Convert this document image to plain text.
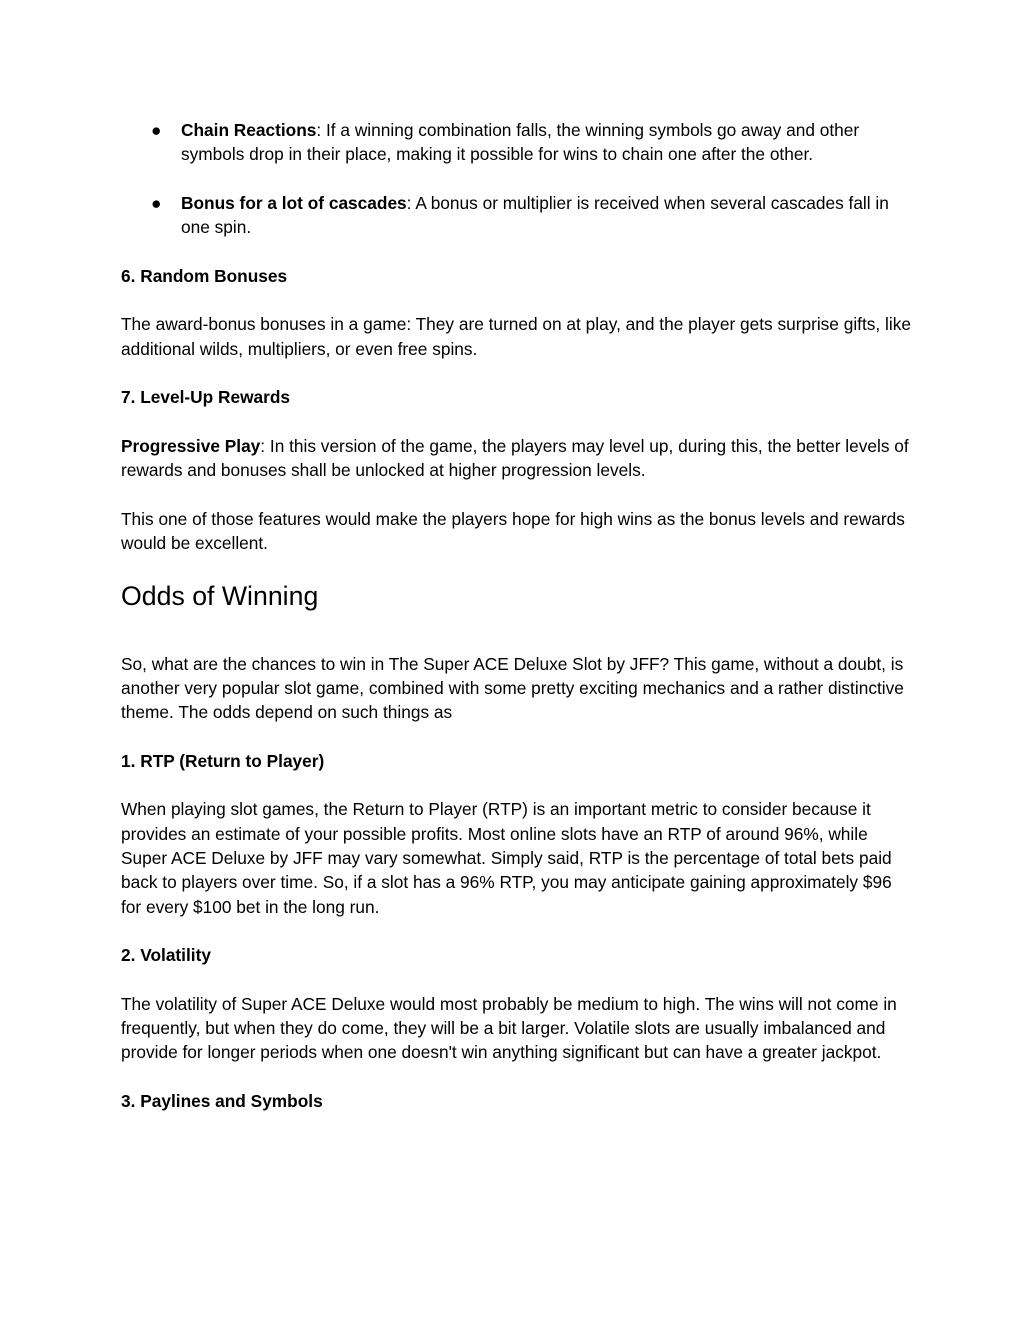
● Chain Reactions: If a winning combination falls, the winning symbols go away and other symbols drop in their place, making it possible for wins to chain one after the other.
● Bonus for a lot of cascades: A bonus or multiplier is received when several cascades fall in one spin.

6. Random Bonuses

The award-bonus bonuses in a game: They are turned on at play, and the player gets surprise gifts, like additional wilds, multipliers, or even free spins.

7. Level-Up Rewards

Progressive Play: In this version of the game, the players may level up, during this, the better levels of rewards and bonuses shall be unlocked at higher progression levels.

This one of those features would make the players hope for high wins as the bonus levels and rewards would be excellent.

Odds of Winning

So, what are the chances to win in The Super ACE Deluxe Slot by JFF? This game, without a doubt, is another very popular slot game, combined with some pretty exciting mechanics and a rather distinctive theme. The odds depend on such things as

1. RTP (Return to Player)

When playing slot games, the Return to Player (RTP) is an important metric to consider because it provides an estimate of your possible profits. Most online slots have an RTP of around 96%, while Super ACE Deluxe by JFF may vary somewhat. Simply said, RTP is the percentage of total bets paid back to players over time. So, if a slot has a 96% RTP, you may anticipate gaining approximately $96 for every $100 bet in the long run.

2. Volatility

The volatility of Super ACE Deluxe would most probably be medium to high. The wins will not come in frequently, but when they do come, they will be a bit larger. Volatile slots are usually imbalanced and provide for longer periods when one doesn't win anything significant but can have a greater jackpot.

3. Paylines and Symbols
